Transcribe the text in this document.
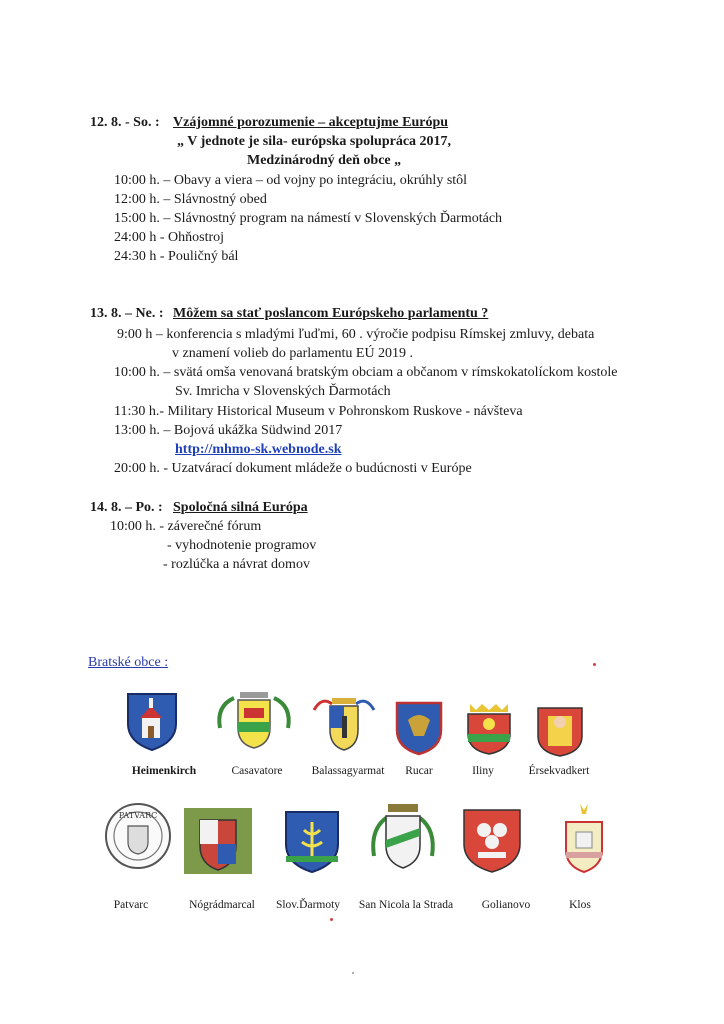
12. 8. - So. : Vzájomné porozumenie – akceptujme Európu
„ V jednote je sila- európska spolupráca 2017,
Medzinárodný deň obce „
10:00 h. – Obavy a viera – od vojny po integráciu, okrúhly stôl
12:00 h. – Slávnostný obed
15:00 h. – Slávnostný program na námestí v Slovenských Ďarmotách
24:00 h - Ohňostroj
24:30 h - Pouličný bál
13. 8. – Ne. : Môžem sa stať poslancom Európskeho parlamentu ?
9:00 h – konferencia s mladými ľuďmi, 60 . výročie podpisu Rímskej zmluvy, debata
v znamení volieb do parlamentu EÚ 2019 .
10:00 h. – svätá omša venovaná bratským obciam a občanom v rímskokatolíckom kostole
Sv. Imricha v Slovenských Ďarmotách
11:30 h.- Military Historical Museum v Pohronskom Ruskove - návšteva
13:00 h. – Bojová ukážka Südwind 2017
http://mhmo-sk.webnode.sk
20:00 h. - Uzatvárací dokument mládeže o budúcnosti v Európe
14. 8. – Po. : Spoločná silná Európa
10:00 h. - záverečné fórum
- vyhodnotenie programov
- rozlúčka a návrat domov
Bratské obce :
Heimenkirch	Casavatore	Balassagyarmat	Rucar	Iliny	Érsekvadkert
PATVARC
Patvarc	Nógrádmarcal	Slov.Ďarmoty	San Nicola la Strada	Golianovo	Klos
